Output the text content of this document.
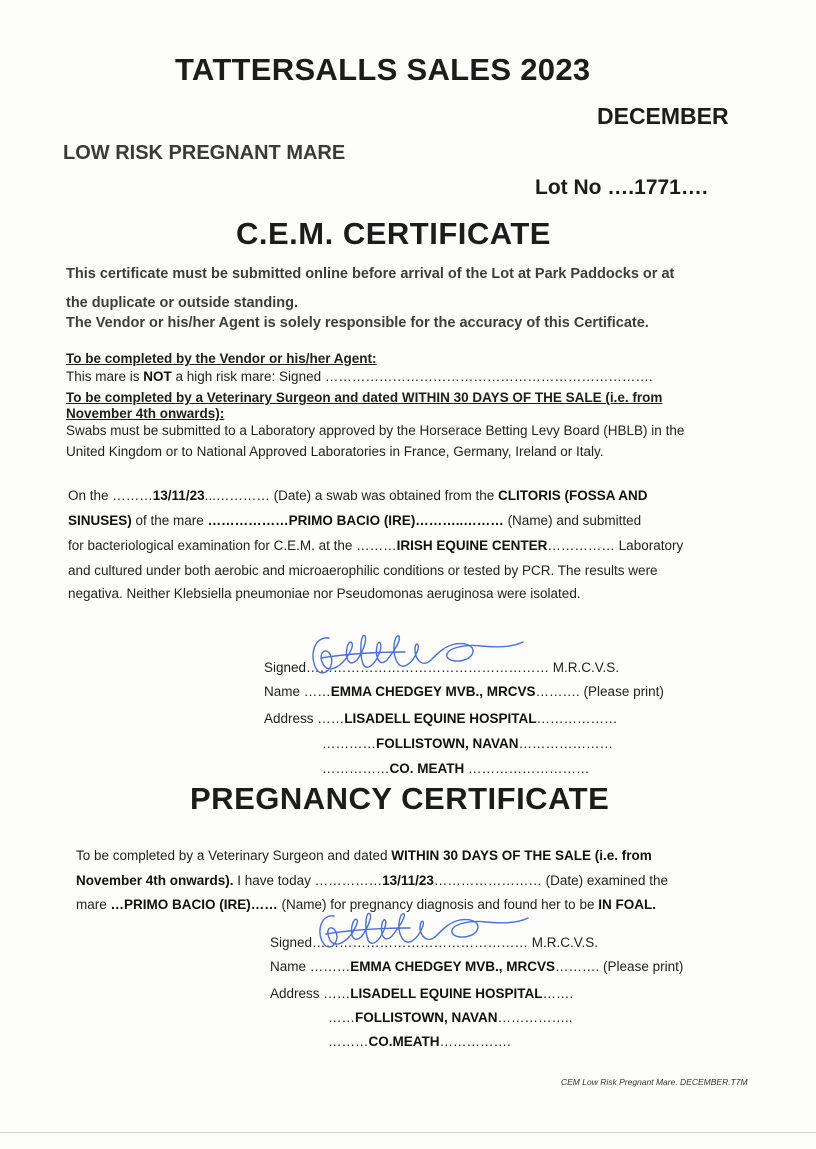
TATTERSALLS SALES 2023
DECEMBER
LOW RISK PREGNANT MARE
Lot No ….1771….
C.E.M. CERTIFICATE
This certificate must be submitted online before arrival of the Lot at Park Paddocks or at
the duplicate or outside standing.
The Vendor or his/her Agent is solely responsible for the accuracy of this Certificate.
To be completed by the Vendor or his/her Agent:
This mare is NOT a high risk mare: Signed ……………………………………………………………….
To be completed by a Veterinary Surgeon and dated WITHIN 30 DAYS OF THE SALE (i.e. from
November 4th onwards):
Swabs must be submitted to a Laboratory approved by the Horserace Betting Levy Board (HBLB) in the
United Kingdom or to National Approved Laboratories in France, Germany, Ireland or Italy.
On the ………13/11/23...………… (Date) a swab was obtained from the CLITORIS (FOSSA AND
SINUSES) of the mare ………………PRIMO BACIO (IRE)………..……… (Name) and submitted
for bacteriological examination for C.E.M. at the ………IRISH EQUINE CENTER…………… Laboratory
and cultured under both aerobic and microaerophilic conditions or tested by PCR. The results were
negativa. Neither Klebsiella pneumoniae nor Pseudomonas aeruginosa were isolated.
Signed……………………………………………… M.R.C.V.S.
Name ……EMMA CHEDGEY MVB., MRCVS………. (Please print)
Address ……LISADELL EQUINE HOSPITAL………………
…………FOLLISTOWN, NAVAN…………………
……………CO. MEATH ………………………
PREGNANCY CERTIFICATE
To be completed by a Veterinary Surgeon and dated WITHIN 30 DAYS OF THE SALE (i.e. from
November 4th onwards). I have today ……………13/11/23…………………… (Date) examined the
mare …PRIMO BACIO (IRE)…… (Name) for pregnancy diagnosis and found her to be IN FOAL.
Signed………………………………………… M.R.C.V.S.
Name ………EMMA CHEDGEY MVB., MRCVS………. (Please print)
Address ……LISADELL EQUINE HOSPITAL…….
……FOLLISTOWN, NAVAN……………..
………CO.MEATH…………….
CEM Low Risk Pregnant Mare. DECEMBER.T7M
